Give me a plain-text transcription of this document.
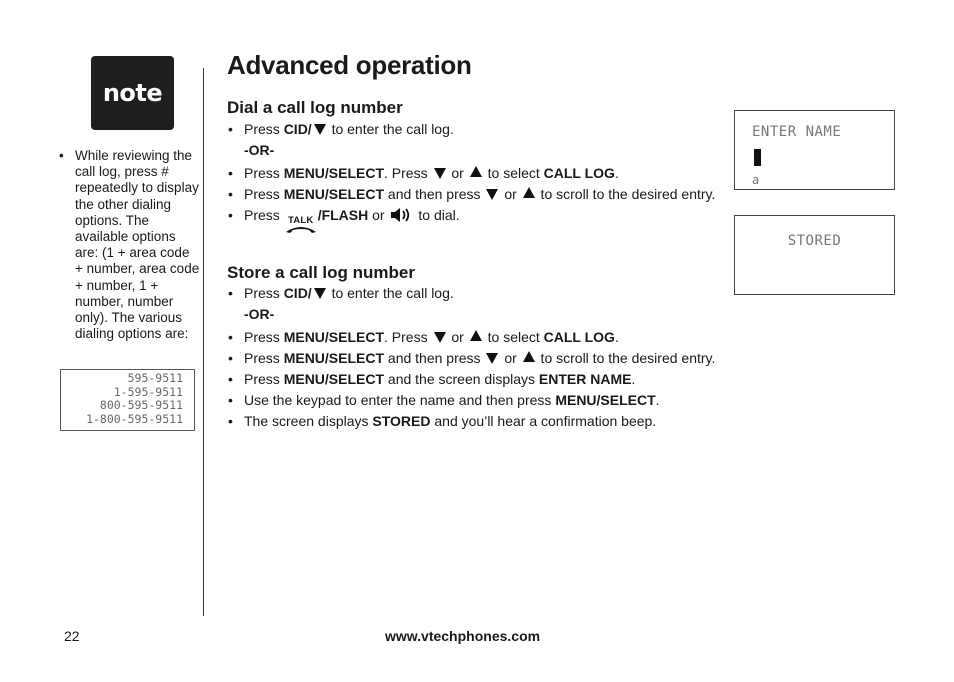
note
• While reviewing the call log, press # repeatedly to display the other dialing options. The available options are: (1 + area code + number, area code + number, 1 + number, number only). The various dialing options are:
595-9511
1-595-9511
800-595-9511
1-800-595-9511
Advanced operation
Dial a call log number
• Press CID/ to enter the call log.
-OR-
• Press MENU/SELECT. Press  or  to select CALL LOG.
• Press MENU/SELECT and then press  or  to scroll to the desired entry.
• Press TALK /FLASH or  to dial.
Store a call log number
• Press CID/ to enter the call log.
-OR-
• Press MENU/SELECT. Press  or  to select CALL LOG.
• Press MENU/SELECT and then press  or  to scroll to the desired entry.
• Press MENU/SELECT and the screen displays ENTER NAME.
• Use the keypad to enter the name and then press MENU/SELECT.
• The screen displays STORED and you’ll hear a confirmation beep.
ENTER NAME
a
STORED
22	www.vtechphones.com
